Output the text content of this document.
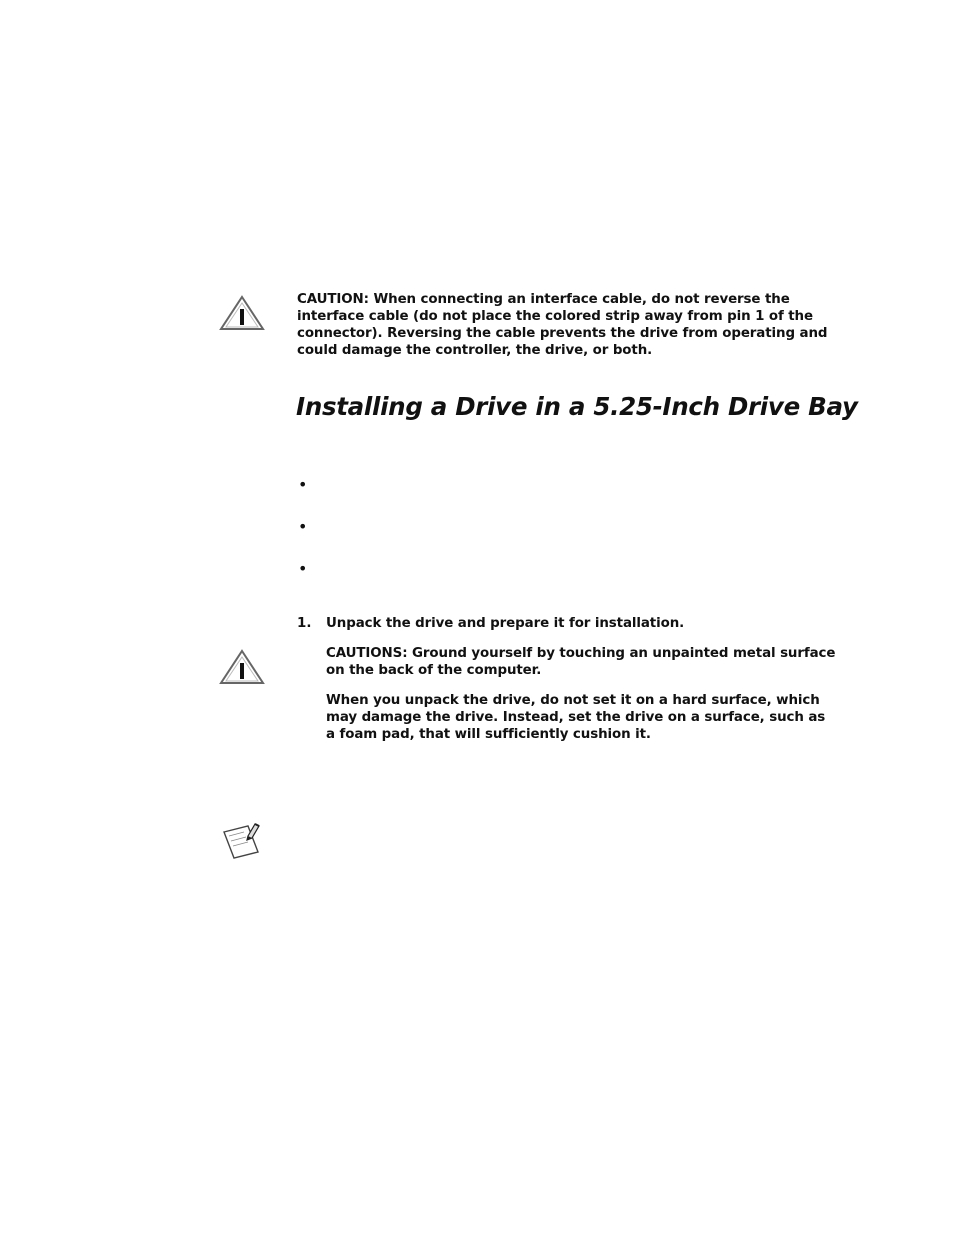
CAUTION: When connecting an interface cable, do not reverse the interface cable (do not place the colored strip away from pin 1 of the connector). Reversing the cable prevents the drive from operating and could damage the controller, the drive, or both.
Installing a Drive in a 5.25-Inch Drive Bay
•
•
•
1. Unpack the drive and prepare it for installation.

CAUTIONS: Ground yourself by touching an unpainted metal surface on the back of the computer.

When you unpack the drive, do not set it on a hard surface, which may damage the drive. Instead, set the drive on a surface, such as a foam pad, that will sufficiently cushion it.
